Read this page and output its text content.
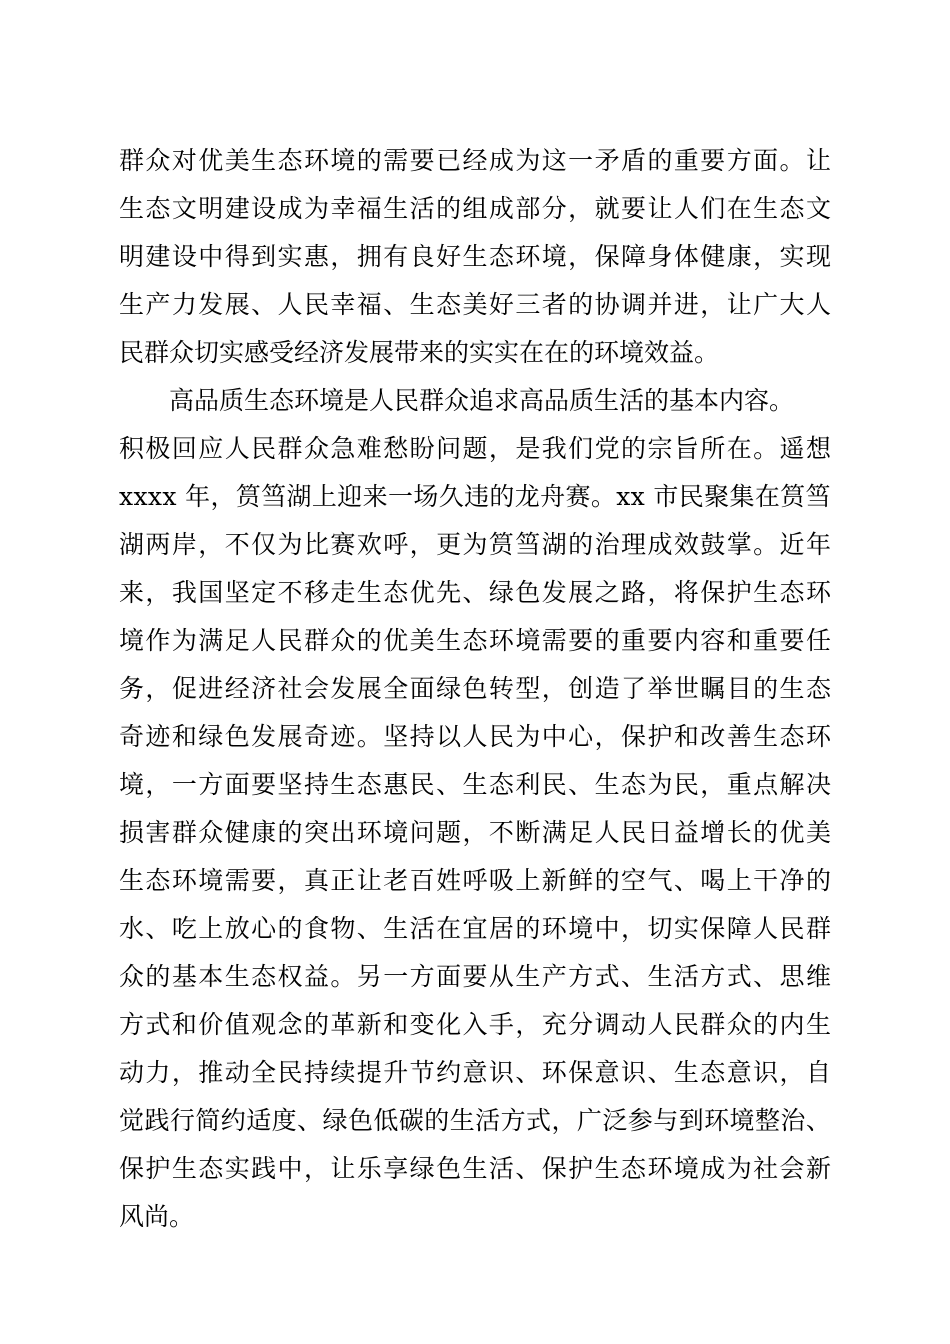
群 众 对 优 美 生 态 环 境 的 需 要 已 经 成 为 这 一 矛 盾 的 重 要 方 面 。 让
生 态 文 明 建 设 成 为 幸 福 生 活 的 组 成 部 分 ， 就 要 让 人 们 在 生 态 文
明 建 设 中 得 到 实 惠 ， 拥 有 良 好 生 态 环 境 ， 保 障 身 体 健 康 ， 实 现
生 产 力 发 展 、 人 民 幸 福 、 生 态 美 好 三 者 的 协 调 并 进 ， 让 广 大 人
民群众切实感受经济发展带来的实实在在的环境效益。
高品质生态环境是人民群众追求高品质生活的基本内容。
积 极 回 应 人 民 群 众 急 难 愁 盼 问 题 ， 是 我 们 党 的 宗 旨 所 在 。 遥 想
x x x x
年 ， 筼 筜 湖 上 迎 来 一 场 久 违 的 龙 舟 赛 。 x x
市 民 聚 集 在 筼 筜
湖 两 岸 ， 不 仅 为 比 赛 欢 呼 ， 更 为 筼 筜 湖 的 治 理 成 效 鼓 掌 。 近 年
来 ， 我 国 坚 定 不 移 走 生 态 优 先 、 绿 色 发 展 之 路 ， 将 保 护 生 态 环
境 作 为 满 足 人 民 群 众 的 优 美 生 态 环 境 需 要 的 重 要 内 容 和 重 要 任
务 ， 促 进 经 济 社 会 发 展 全 面 绿 色 转 型 ， 创 造 了 举 世 瞩 目 的 生 态
奇 迹 和 绿 色 发 展 奇 迹 。 坚 持 以 人 民 为 中 心 ， 保 护 和 改 善 生 态 环
境 ， 一 方 面 要 坚 持 生 态 惠 民 、 生 态 利 民 、 生 态 为 民 ， 重 点 解 决
损 害 群 众 健 康 的 突 出 环 境 问 题 ， 不 断 满 足 人 民 日 益 增 长 的 优 美
生 态 环 境 需 要 ， 真 正 让 老 百 姓 呼 吸 上 新 鲜 的 空 气 、 喝 上 干 净 的
水 、 吃 上 放 心 的 食 物 、 生 活 在 宜 居 的 环 境 中 ， 切 实 保 障 人 民 群
众 的 基 本 生 态 权 益 。 另 一 方 面 要 从 生 产 方 式 、 生 活 方 式 、 思 维
方 式 和 价 值 观 念 的 革 新 和 变 化 入 手 ， 充 分 调 动 人 民 群 众 的 内 生
动 力 ， 推 动 全 民 持 续 提 升 节 约 意 识 、 环 保 意 识 、 生 态 意 识 ， 自
觉 践 行 简 约 适 度 、 绿 色 低 碳 的 生 活 方 式 ， 广 泛 参 与 到 环 境 整 治 、
保 护 生 态 实 践 中 ， 让 乐 享 绿 色 生 活 、 保 护 生 态 环 境 成 为 社 会 新
风尚。
